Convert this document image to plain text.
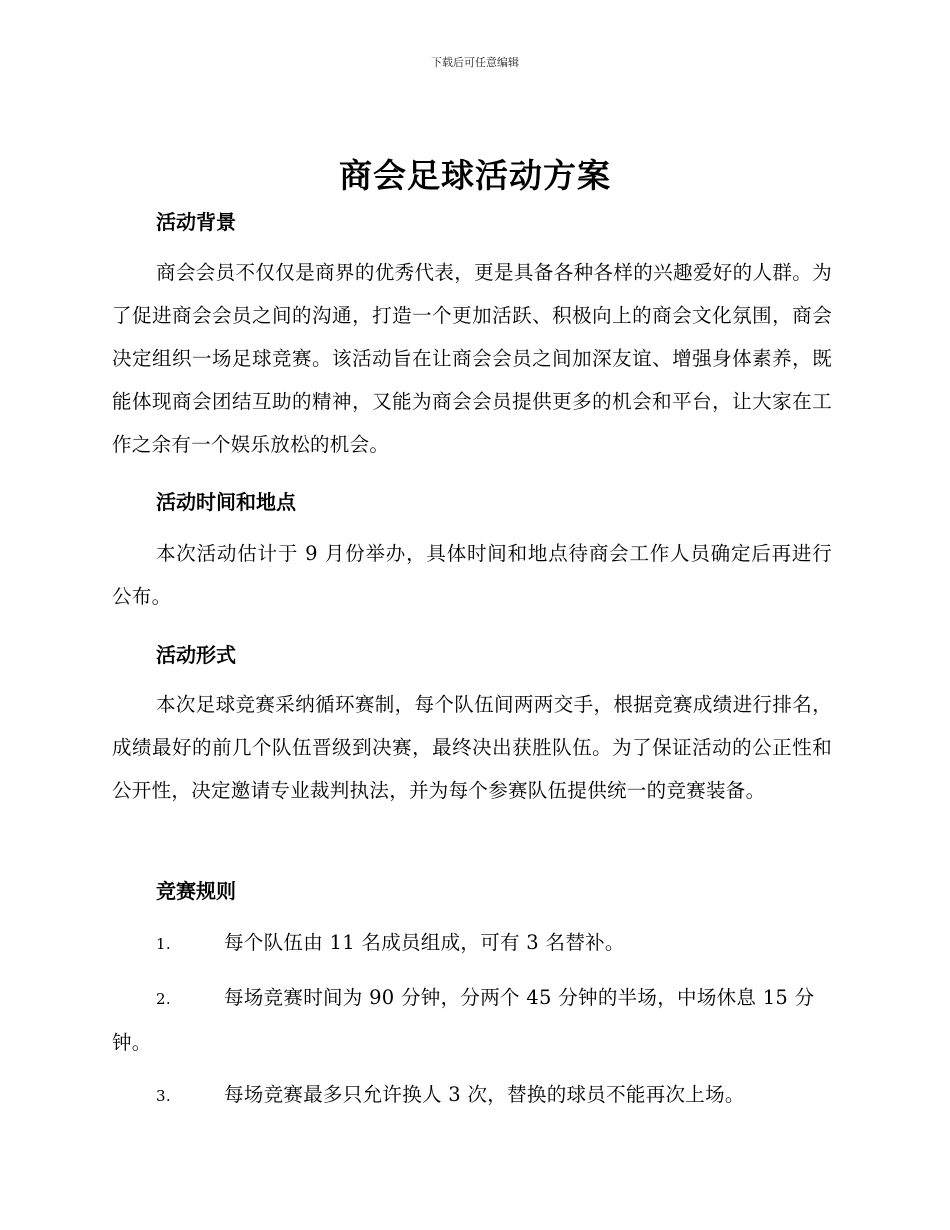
下载后可任意编辑
商会足球活动方案
活动背景
商会会员不仅仅是商界的优秀代表，更是具备各种各样的兴趣爱好的人群。为了促进商会会员之间的沟通，打造一个更加活跃、积极向上的商会文化氛围，商会决定组织一场足球竞赛。该活动旨在让商会会员之间加深友谊、增强身体素养，既能体现商会团结互助的精神，又能为商会会员提供更多的机会和平台，让大家在工作之余有一个娱乐放松的机会。
活动时间和地点
本次活动估计于 9 月份举办，具体时间和地点待商会工作人员确定后再进行公布。
活动形式
本次足球竞赛采纳循环赛制，每个队伍间两两交手，根据竞赛成绩进行排名，成绩最好的前几个队伍晋级到决赛，最终决出获胜队伍。为了保证活动的公正性和公开性，决定邀请专业裁判执法，并为每个参赛队伍提供统一的竞赛装备。
竞赛规则
1.	每个队伍由 11 名成员组成，可有 3 名替补。
2.	每场竞赛时间为 90 分钟，分两个 45 分钟的半场，中场休息 15 分钟。
3.	每场竞赛最多只允许换人 3 次，替换的球员不能再次上场。
